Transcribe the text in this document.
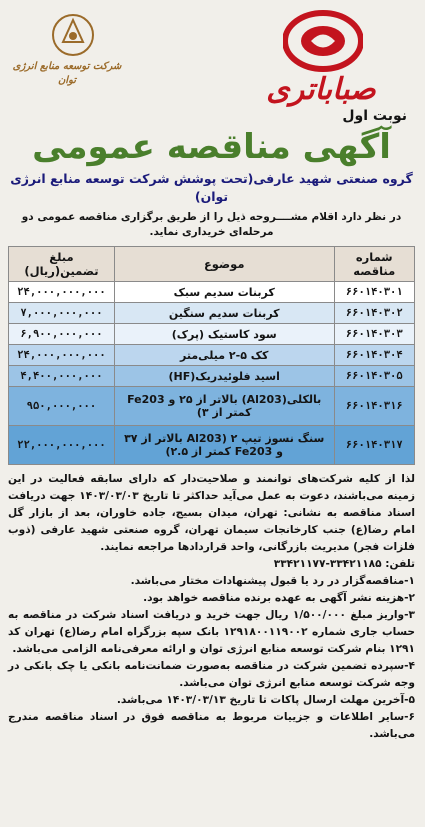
صباباتری
شرکت توسعه منابع انرژی توان
نوبت اول
آگهی مناقصه عمومی

گروه صنعتی شهید عارفی(تحت پوشش شرکت توسعه منابع انرژی توان)

در نظر دارد اقلام مشــــروحه ذیل را از طریق برگزاری مناقصه عمومی دو مرحله‌ای خریداری نماید.

شماره مناقصه	موضوع	مبلغ تضمین(ریال)
۶۶۰۱۴۰۳۰۱	کربنات سدیم سبک	۲۴,۰۰۰,۰۰۰,۰۰۰
۶۶۰۱۴۰۳۰۲	کربنات سدیم سنگین	۷,۰۰۰,۰۰۰,۰۰۰
۶۶۰۱۴۰۳۰۳	سود کاستیک (پرک)	۶,۹۰۰,۰۰۰,۰۰۰
۶۶۰۱۴۰۳۰۴	کک ۵-۲ میلی‌متر	۲۴,۰۰۰,۰۰۰,۰۰۰
۶۶۰۱۴۰۳۰۵	اسید فلوئیدریک(HF)	۴,۴۰۰,۰۰۰,۰۰۰
۶۶۰۱۴۰۳۱۶	بالکلی(Al203) بالاتر از ۲۵ و Fe203 کمتر از ۳)	۹۵۰,۰۰۰,۰۰۰
۶۶۰۱۴۰۳۱۷	سنگ نسوز تیپ ۲ (Al203 بالاتر از ۳۷ و Fe203 کمتر از ۲.۵)	۲۲,۰۰۰,۰۰۰,۰۰۰

لذا از کلیه شرکت‌های توانمند و صلاحیت‌دار که دارای سابقه فعالیت در این زمینه می‌باشند، دعوت به عمل می‌آید حداکثر تا تاریخ ۱۴۰۳/۰۳/۰۳ جهت دریافت اسناد مناقصه به نشانی: تهران، میدان بسیج، جاده خاوران، بعد از بازار گل امام رضا(ع) جنب کارخانجات سیمان تهران، گروه صنعتی شهید عارفی (ذوب فلزات فجر) مدیریت بازرگانی، واحد قراردادها مراجعه نمایند.

تلفن: ۳۳۴۲۱۱۸۵-۳۳۴۲۱۱۷۷

۱-مناقصه‌گزار در رد یا قبول پیشنهادات مختار می‌باشد.
۲-هزینه نشر آگهی به عهده برنده مناقصه خواهد بود.
۳-واریز مبلغ ۱/۵۰۰/۰۰۰ ریال جهت خرید و دریافت اسناد شرکت در مناقصه به حساب جاری شماره ۱۲۹۱۸۰۰۱۱۹۰۰۲ بانک سپه بزرگراه امام رضا(ع) تهران کد ۱۲۹۱ بنام شرکت توسعه منابع انرژی توان و ارائه معرفی‌نامه الزامی می‌باشد.
۴-سپرده تضمین شرکت در مناقصه به‌صورت ضمانت‌نامه بانکی یا چک بانکی در وجه شرکت توسعه منابع انرژی توان می‌باشد.
۵-آخرین مهلت ارسال پاکات تا تاریخ ۱۴۰۳/۰۳/۱۳ می‌باشد.
۶-سایر اطلاعات و جزییات مربوط به مناقصه فوق در اسناد مناقصه مندرج می‌باشد.
